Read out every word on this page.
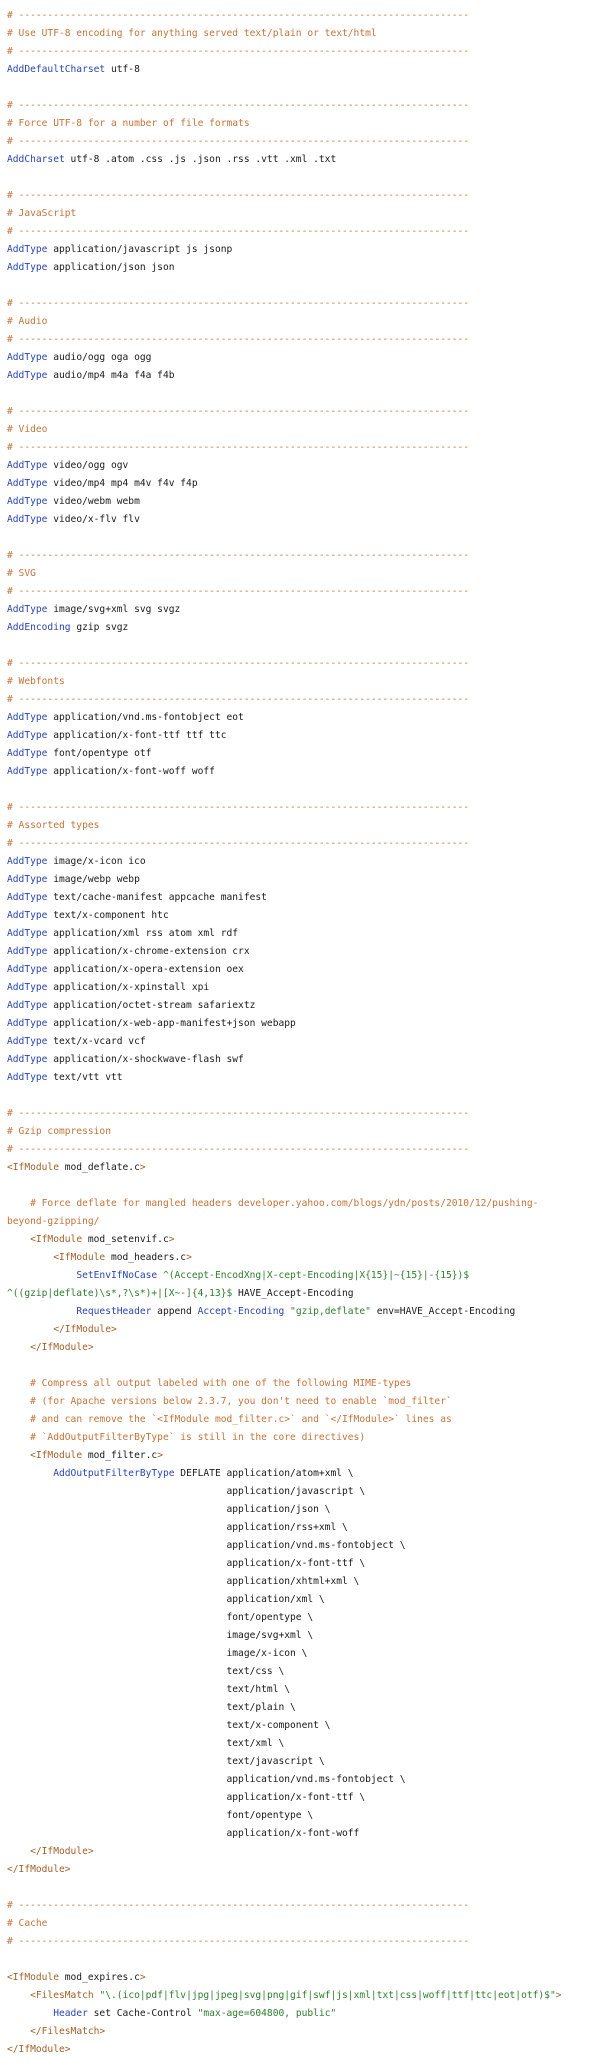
# ------------------------------------------------------------------------------
# Use UTF-8 encoding for anything served text/plain or text/html
# ------------------------------------------------------------------------------
AddDefaultCharset utf-8

# ------------------------------------------------------------------------------
# Force UTF-8 for a number of file formats
# ------------------------------------------------------------------------------
AddCharset utf-8 .atom .css .js .json .rss .vtt .xml .txt

# ------------------------------------------------------------------------------
# JavaScript
# ------------------------------------------------------------------------------
AddType application/javascript js jsonp
AddType application/json json

# ------------------------------------------------------------------------------
# Audio
# ------------------------------------------------------------------------------
AddType audio/ogg oga ogg
AddType audio/mp4 m4a f4a f4b

# ------------------------------------------------------------------------------
# Video
# ------------------------------------------------------------------------------
AddType video/ogg ogv
AddType video/mp4 mp4 m4v f4v f4p
AddType video/webm webm
AddType video/x-flv flv

# ------------------------------------------------------------------------------
# SVG
# ------------------------------------------------------------------------------
AddType image/svg+xml svg svgz
AddEncoding gzip svgz

# ------------------------------------------------------------------------------
# Webfonts
# ------------------------------------------------------------------------------
AddType application/vnd.ms-fontobject eot
AddType application/x-font-ttf ttf ttc
AddType font/opentype otf
AddType application/x-font-woff woff

# ------------------------------------------------------------------------------
# Assorted types
# ------------------------------------------------------------------------------
AddType image/x-icon ico
AddType image/webp webp
AddType text/cache-manifest appcache manifest
AddType text/x-component htc
AddType application/xml rss atom xml rdf
AddType application/x-chrome-extension crx
AddType application/x-opera-extension oex
AddType application/x-xpinstall xpi
AddType application/octet-stream safariextz
AddType application/x-web-app-manifest+json webapp
AddType text/x-vcard vcf
AddType application/x-shockwave-flash swf
AddType text/vtt vtt

# ------------------------------------------------------------------------------
# Gzip compression
# ------------------------------------------------------------------------------
<IfModule mod_deflate.c>

# Force deflate for mangled headers developer.yahoo.com/blogs/ydn/posts/2010/12/pushing-
beyond-gzipping/
<IfModule mod_setenvif.c>
<IfModule mod_headers.c>
SetEnvIfNoCase ^(Accept-EncodXng|X-cept-Encoding|X{15}|~{15}|-{15})$
^((gzip|deflate)\s*,?\s*)+|[X~-]{4,13}$ HAVE_Accept-Encoding
RequestHeader append Accept-Encoding "gzip,deflate" env=HAVE_Accept-Encoding
</IfModule>
</IfModule>

# Compress all output labeled with one of the following MIME-types
# (for Apache versions below 2.3.7, you don't need to enable `mod_filter`
# and can remove the `<IfModule mod_filter.c>` and `</IfModule>` lines as
# `AddOutputFilterByType` is still in the core directives)
<IfModule mod_filter.c>
AddOutputFilterByType DEFLATE application/atom+xml \
application/javascript \
application/json \
application/rss+xml \
application/vnd.ms-fontobject \
application/x-font-ttf \
application/xhtml+xml \
application/xml \
font/opentype \
image/svg+xml \
image/x-icon \
text/css \
text/html \
text/plain \
text/x-component \
text/xml \
text/javascript \
application/vnd.ms-fontobject \
application/x-font-ttf \
font/opentype \
application/x-font-woff
</IfModule>
</IfModule>

# ------------------------------------------------------------------------------
# Cache
# ------------------------------------------------------------------------------

<IfModule mod_expires.c>
<FilesMatch "\.(ico|pdf|flv|jpg|jpeg|svg|png|gif|swf|js|xml|txt|css|woff|ttf|ttc|eot|otf)$">
Header set Cache-Control "max-age=604800, public"
</FilesMatch>
</IfModule>
